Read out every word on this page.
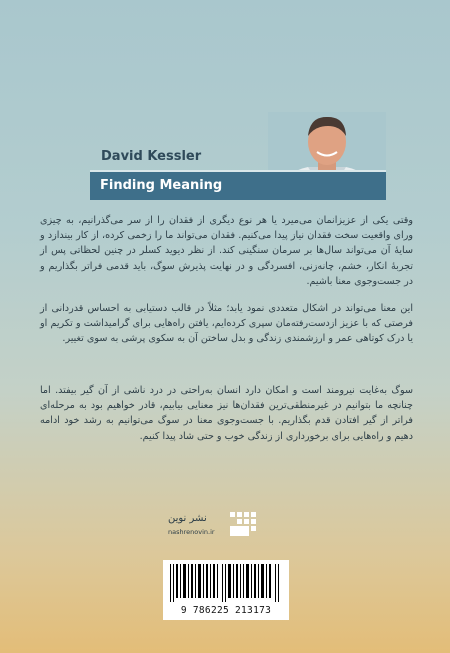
David Kessler
Finding Meaning
وقتی یکی از عزیزانمان می‌میرد یا هر نوع دیگری از فقدان را از سر می‌گذرانیم، به چیزی ورای واقعیت سخت فقدان نیاز پیدا می‌کنیم. فقدان می‌تواند ما را زخمی کرده، از کار بیندازد و سایهٔ آن می‌تواند سال‌ها بر سرمان سنگینی کند. از نظر دیوید کسلر در چنین لحظاتی پس از تجربهٔ انکار، خشم، چانه‌زنی، افسردگی و در نهایت پذیرش سوگ، باید قدمی فراتر بگذاریم و در جست‌وجوی معنا باشیم.
این معنا می‌تواند در اشکال متعددی نمود یابد؛ مثلاً در قالب دستیابی به احساس قدردانی از فرصتی که با عزیز ازدست‌رفته‌مان سپری کرده‌ایم، یافتن راه‌هایی برای گرامیداشت و تکریم او یا درک کوتاهی عمر و ارزشمندی زندگی و بدل ساختن آن به سکوی پرشی به سوی تغییر.
سوگ به‌غایت نیرومند است و امکان دارد انسان به‌راحتی در درد ناشی از آن گیر بیفتد. اما چنانچه ما بتوانیم در غیرمنطقی‌ترین فقدان‌ها نیز معنایی بیابیم، قادر خواهیم بود به مرحله‌ای فراتر از گیر افتادن قدم بگذاریم. با جست‌وجوی معنا در سوگ می‌توانیم به رشد خود ادامه دهیم و راه‌هایی برای برخورداری از زندگی خوب و حتی شاد پیدا کنیم.
نشر نوین
nashrenovin.ir
9 786225 213173
